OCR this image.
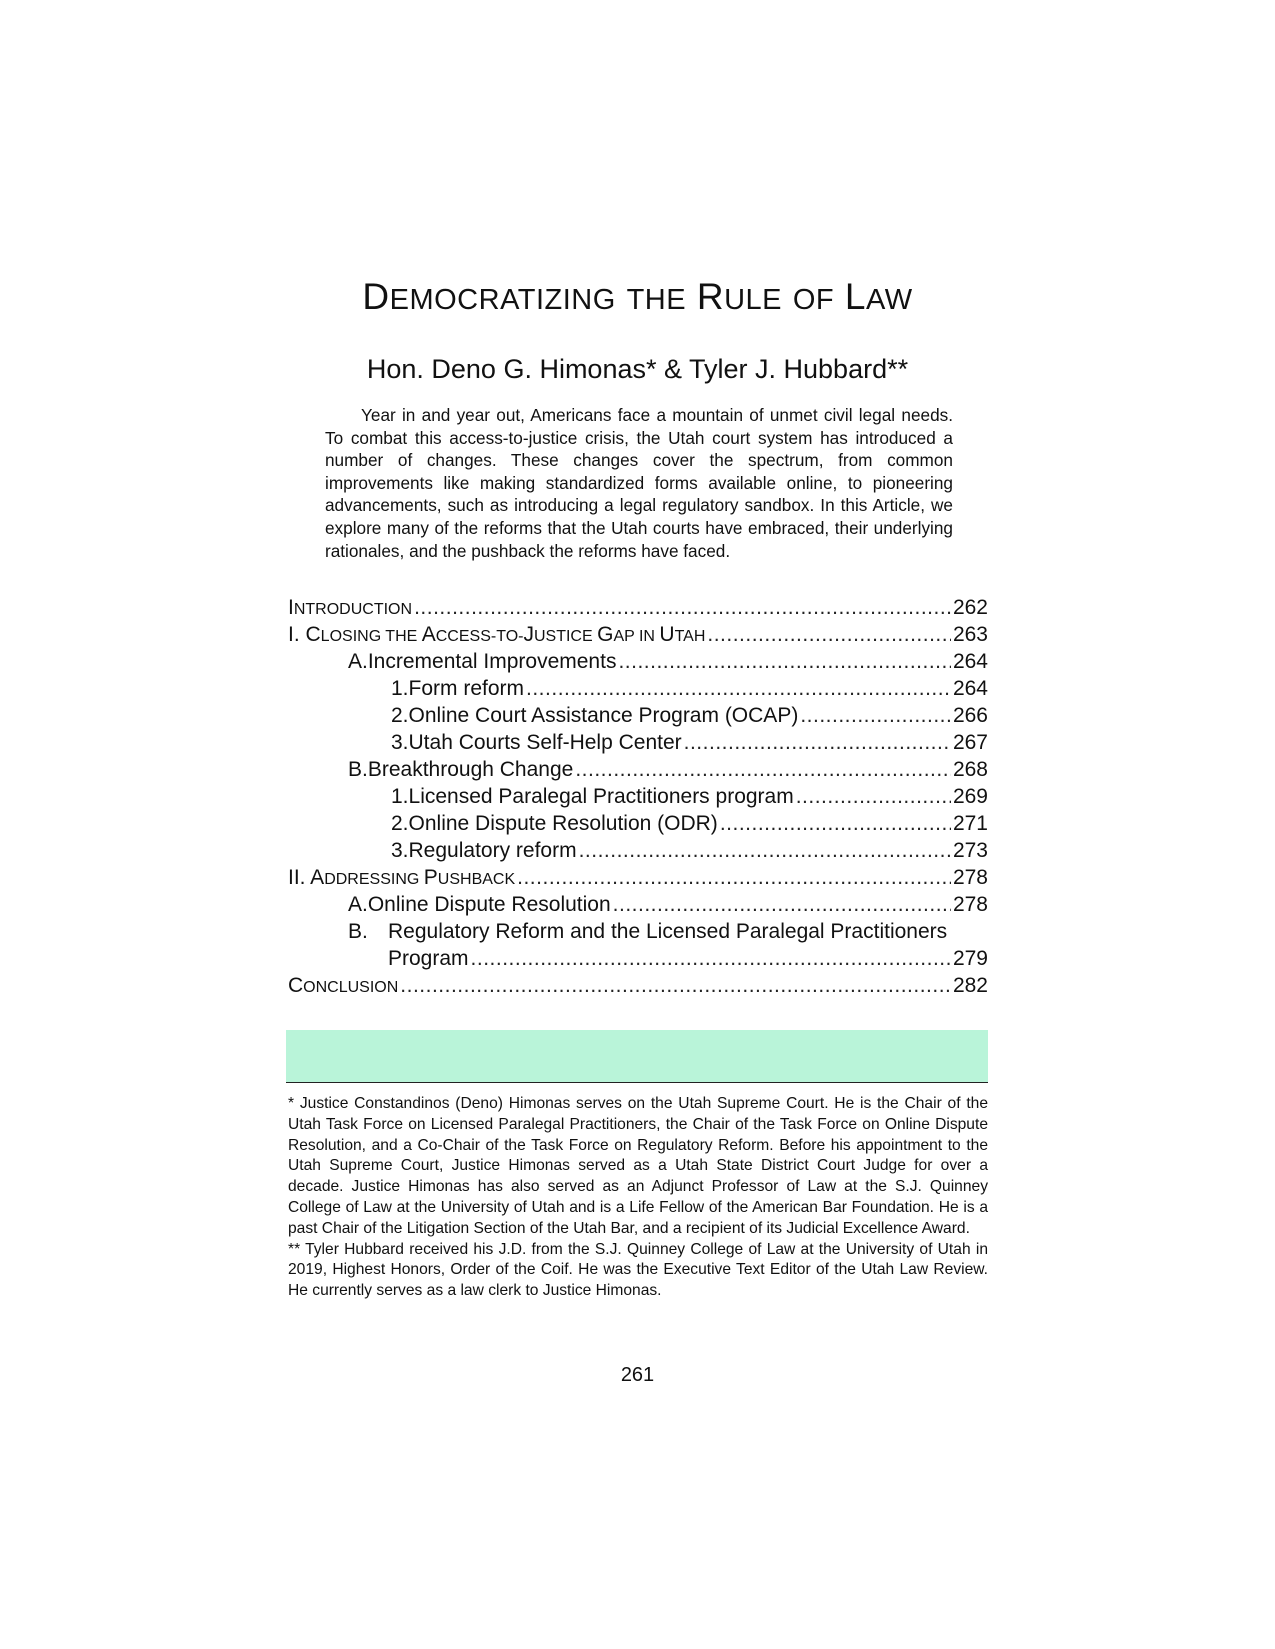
DEMOCRATIZING THE RULE OF LAW

Hon. Deno G. Himonas* & Tyler J. Hubbard**

Year in and year out, Americans face a mountain of unmet civil legal needs. To combat this access-to-justice crisis, the Utah court system has introduced a number of changes. These changes cover the spectrum, from common improvements like making standardized forms available online, to pioneering advancements, such as introducing a legal regulatory sandbox. In this Article, we explore many of the reforms that the Utah courts have embraced, their underlying rationales, and the pushback the reforms have faced.

INTRODUCTION .....	262
I. CLOSING THE ACCESS-TO-JUSTICE GAP IN UTAH .....	263
A. Incremental Improvements .....	264
1. Form reform .....	264
2. Online Court Assistance Program (OCAP) .....	266
3. Utah Courts Self-Help Center .....	267
B. Breakthrough Change .....	268
1. Licensed Paralegal Practitioners program .....	269
2. Online Dispute Resolution (ODR) .....	271
3. Regulatory reform .....	273
II. ADDRESSING PUSHBACK .....	278
A. Online Dispute Resolution .....	278
B. Regulatory Reform and the Licensed Paralegal Practitioners
Program .....	279
CONCLUSION .....	282

* Justice Constandinos (Deno) Himonas serves on the Utah Supreme Court. He is the Chair of the Utah Task Force on Licensed Paralegal Practitioners, the Chair of the Task Force on Online Dispute Resolution, and a Co-Chair of the Task Force on Regulatory Reform. Before his appointment to the Utah Supreme Court, Justice Himonas served as a Utah State District Court Judge for over a decade. Justice Himonas has also served as an Adjunct Professor of Law at the S.J. Quinney College of Law at the University of Utah and is a Life Fellow of the American Bar Foundation. He is a past Chair of the Litigation Section of the Utah Bar, and a recipient of its Judicial Excellence Award.

** Tyler Hubbard received his J.D. from the S.J. Quinney College of Law at the University of Utah in 2019, Highest Honors, Order of the Coif. He was the Executive Text Editor of the Utah Law Review. He currently serves as a law clerk to Justice Himonas.

261
